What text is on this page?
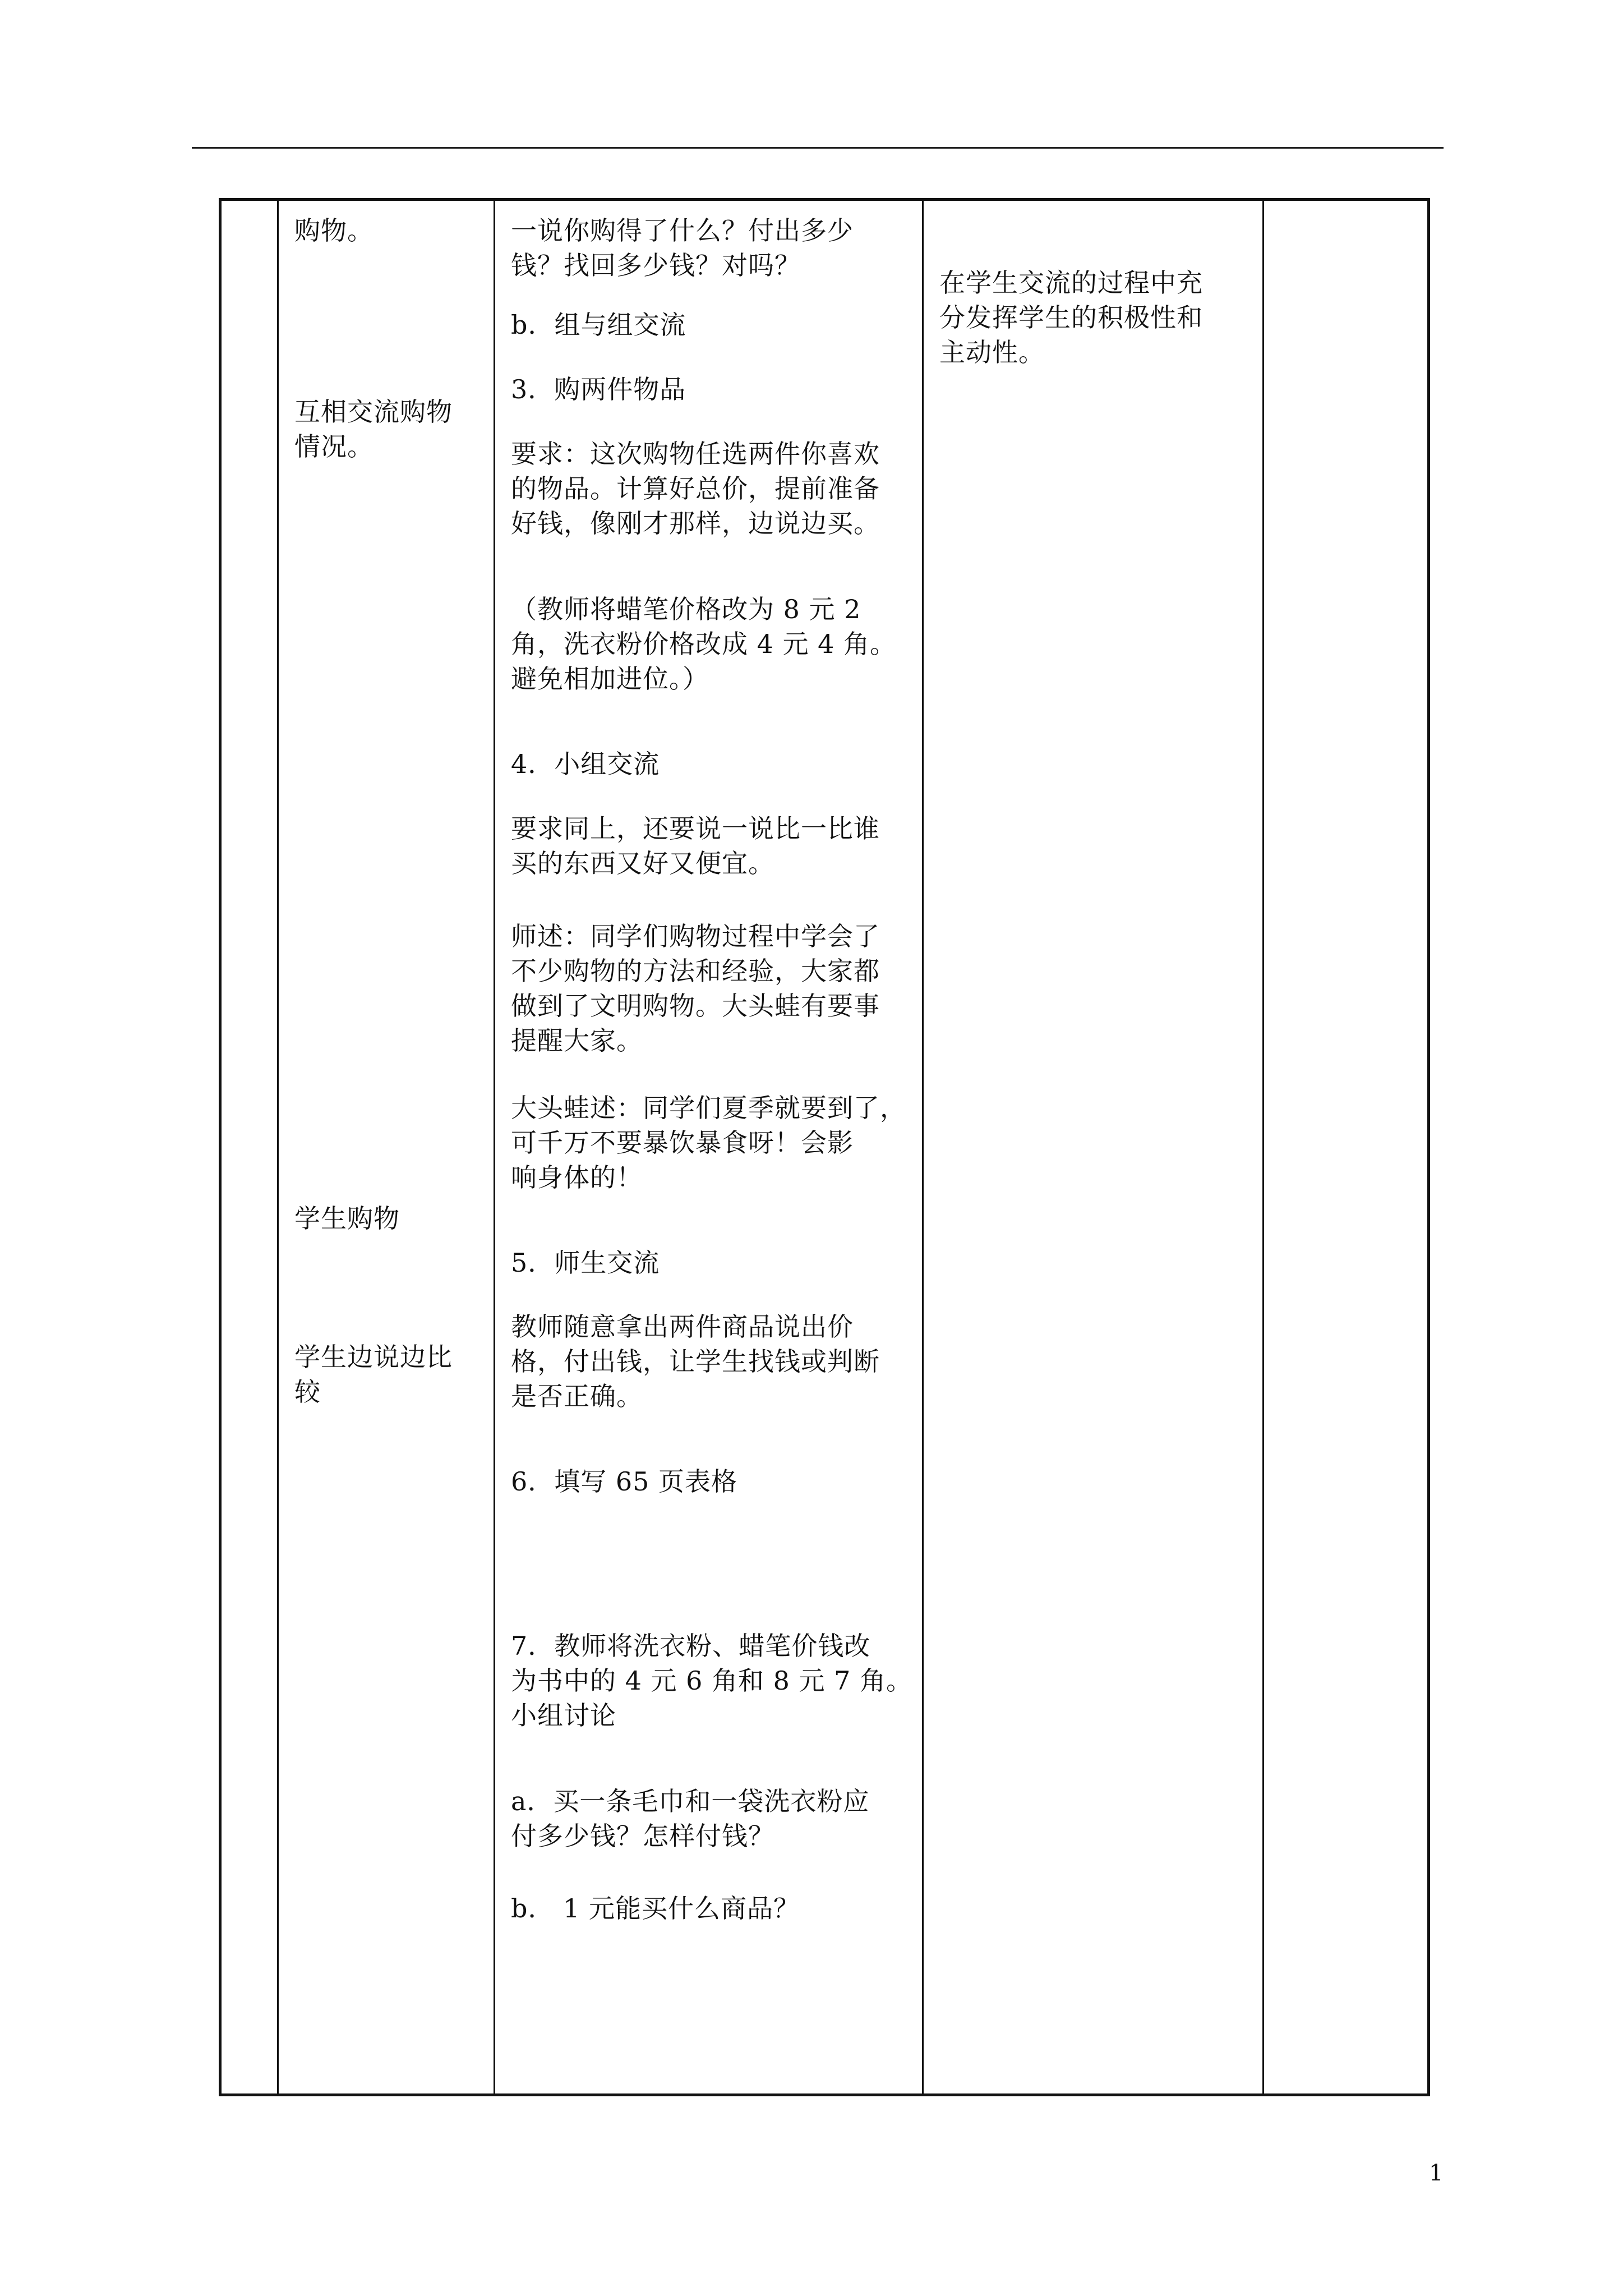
购物。
互相交流购物
情况。
学生购物
学生边说边比
较
一说你购得了什么？付出多少
钱？找回多少钱？对吗？
b．组与组交流
3．购两件物品
要求：这次购物任选两件你喜欢
的物品。计算好总价，提前准备
好钱，像刚才那样，边说边买。
（教师将蜡笔价格改为 8 元 2
角，洗衣粉价格改成 4 元 4 角。
避免相加进位。）
4．小组交流
要求同上，还要说一说比一比谁
买的东西又好又便宜。
师述：同学们购物过程中学会了
不少购物的方法和经验，大家都
做到了文明购物。大头蛙有要事
提醒大家。
大头蛙述：同学们夏季就要到了，
可千万不要暴饮暴食呀！会影
响身体的！
5．师生交流
教师随意拿出两件商品说出价
格，付出钱，让学生找钱或判断
是否正确。
6．填写 65 页表格
7．教师将洗衣粉、蜡笔价钱改
为书中的 4 元 6 角和 8 元 7 角。
小组讨论
a．买一条毛巾和一袋洗衣粉应
付多少钱？怎样付钱？
b． 1 元能买什么商品？
在学生交流的过程中充
分发挥学生的积极性和
主动性。
1
